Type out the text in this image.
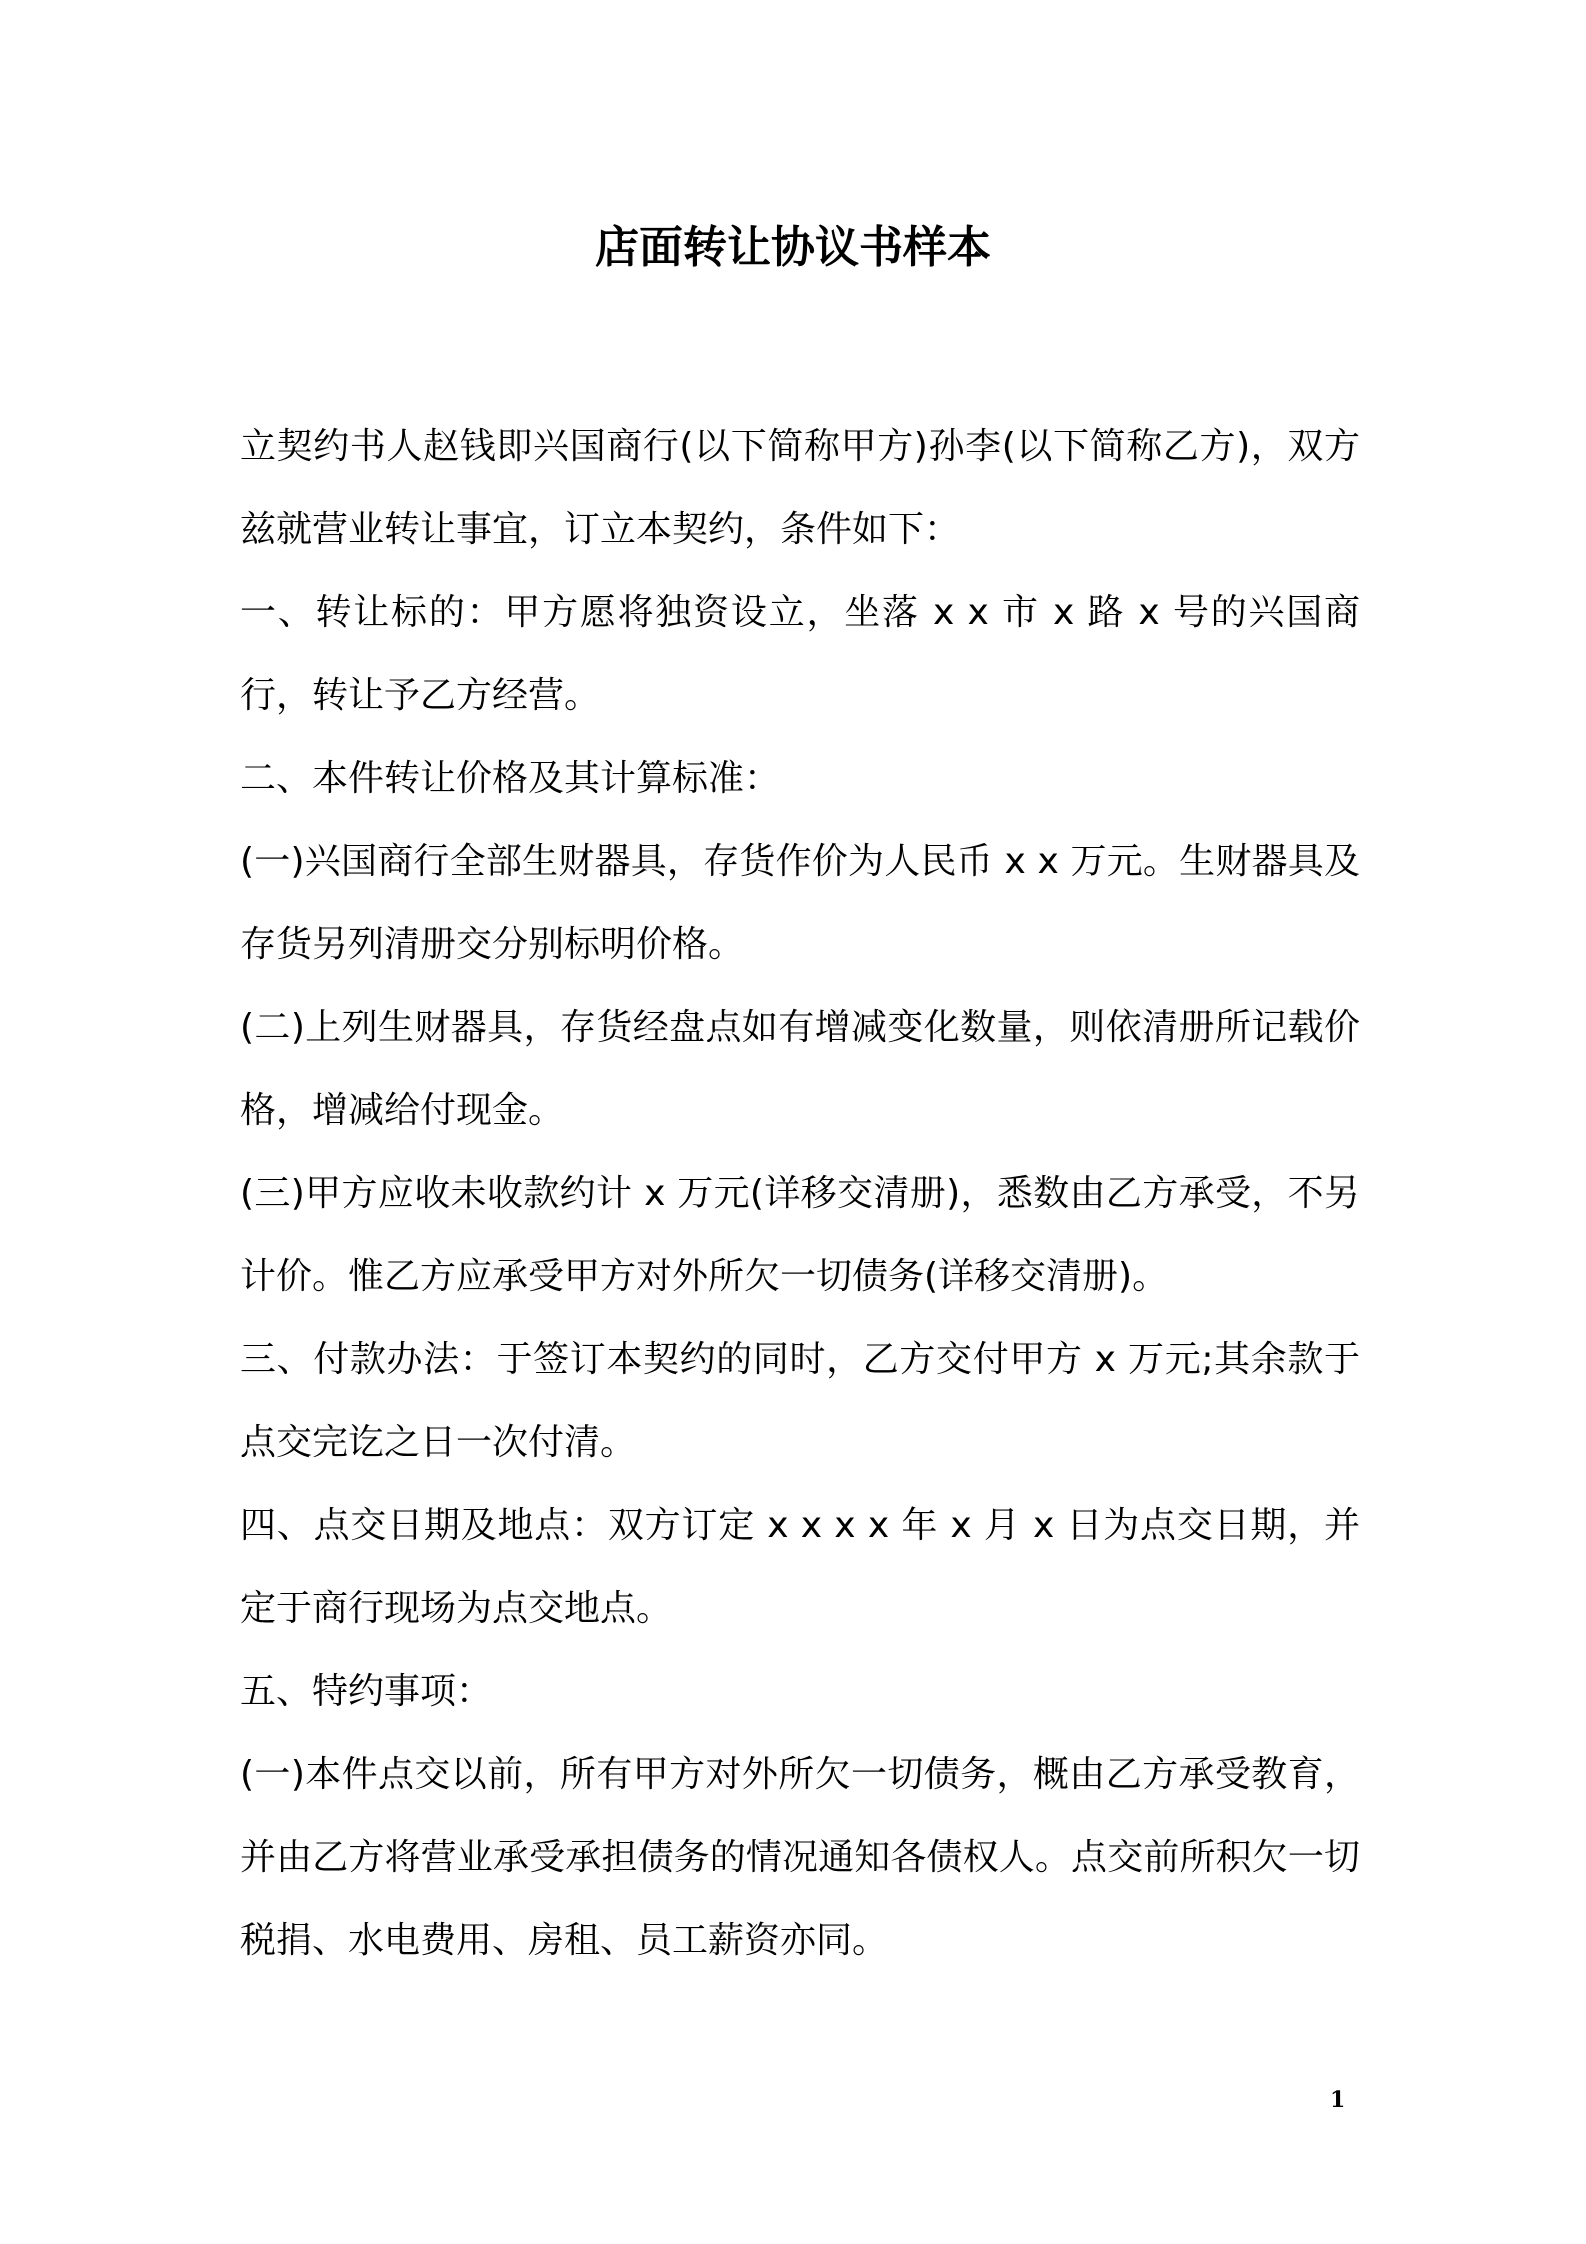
店面转让协议书样本

立契约书人赵钱即兴国商行(以下简称甲方)孙李(以下简称乙方)，双方兹就营业转让事宜，订立本契约，条件如下：

一、转让标的：甲方愿将独资设立，坐落 x x 市 x 路 x 号的兴国商行，转让予乙方经营。

二、本件转让价格及其计算标准：

(一)兴国商行全部生财器具，存货作价为人民币 x x 万元。生财器具及存货另列清册交分别标明价格。

(二)上列生财器具，存货经盘点如有增减变化数量，则依清册所记载价格，增减给付现金。

(三)甲方应收未收款约计 x 万元(详移交清册)，悉数由乙方承受，不另计价。惟乙方应承受甲方对外所欠一切债务(详移交清册)。

三、付款办法：于签订本契约的同时，乙方交付甲方 x 万元;其余款于点交完讫之日一次付清。

四、点交日期及地点：双方订定 x x x x 年 x 月 x 日为点交日期，并定于商行现场为点交地点。

五、特约事项：

(一)本件点交以前，所有甲方对外所欠一切债务，概由乙方承受教育，并由乙方将营业承受承担债务的情况通知各债权人。点交前所积欠一切税捐、水电费用、房租、员工薪资亦同。

1
